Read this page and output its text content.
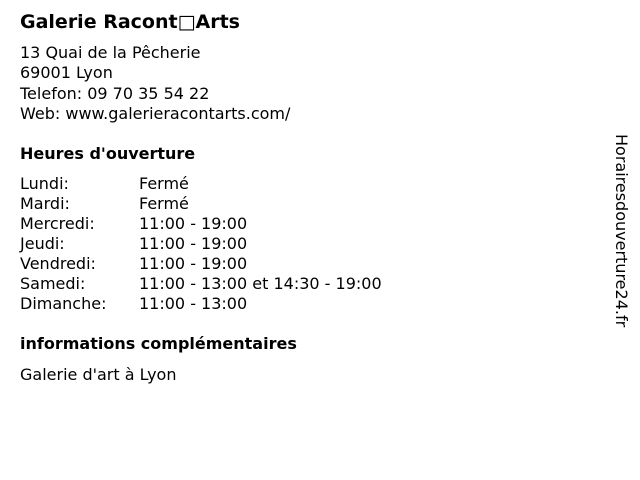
Galerie Racont□Arts
13 Quai de la Pêcherie
69001 Lyon
Telefon: 09 70 35 54 22
Web: www.galerieracontarts.com/
Heures d'ouverture
Lundi:	Fermé
Mardi:	Fermé
Mercredi:	11:00 - 19:00
Jeudi:	11:00 - 19:00
Vendredi:	11:00 - 19:00
Samedi:	11:00 - 13:00 et 14:30 - 19:00
Dimanche:	11:00 - 13:00
informations complémentaires
Galerie d'art à Lyon
Horairesdouverture24.fr
